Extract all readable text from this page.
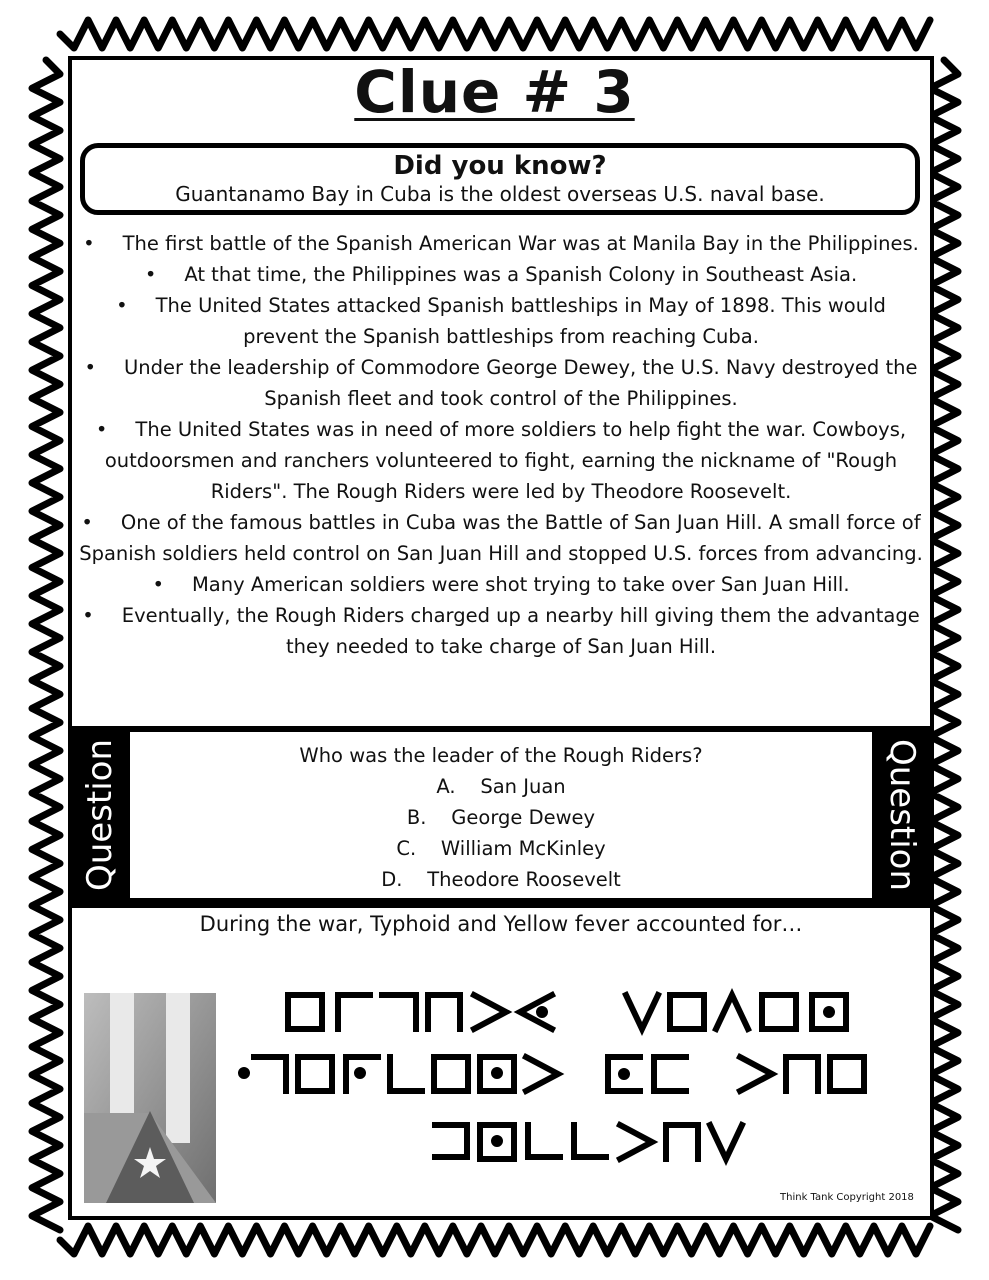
Clue # 3
Did you know?
Guantanamo Bay in Cuba is the oldest overseas U.S. naval base.
• The first battle of the Spanish American War was at Manila Bay in the Philippines.
• At that time, the Philippines was a Spanish Colony in Southeast Asia.
• The United States attacked Spanish battleships in May of 1898. This would prevent the Spanish battleships from reaching Cuba.
• Under the leadership of Commodore George Dewey, the U.S. Navy destroyed the Spanish fleet and took control of the Philippines.
• The United States was in need of more soldiers to help fight the war. Cowboys, outdoorsmen and ranchers volunteered to fight, earning the nickname of "Rough Riders". The Rough Riders were led by Theodore Roosevelt.
• One of the famous battles in Cuba was the Battle of San Juan Hill. A small force of Spanish soldiers held control on San Juan Hill and stopped U.S. forces from advancing.
• Many American soldiers were shot trying to take over San Juan Hill.
• Eventually, the Rough Riders charged up a nearby hill giving them the advantage they needed to take charge of San Juan Hill.
Question	Who was the leader of the Rough Riders?
A.    San Juan
B.    George Dewey
C.    William McKinley
D.    Theodore Roosevelt	Question
During the war, Typhoid and Yellow fever accounted for…
Think Tank Copyright 2018
